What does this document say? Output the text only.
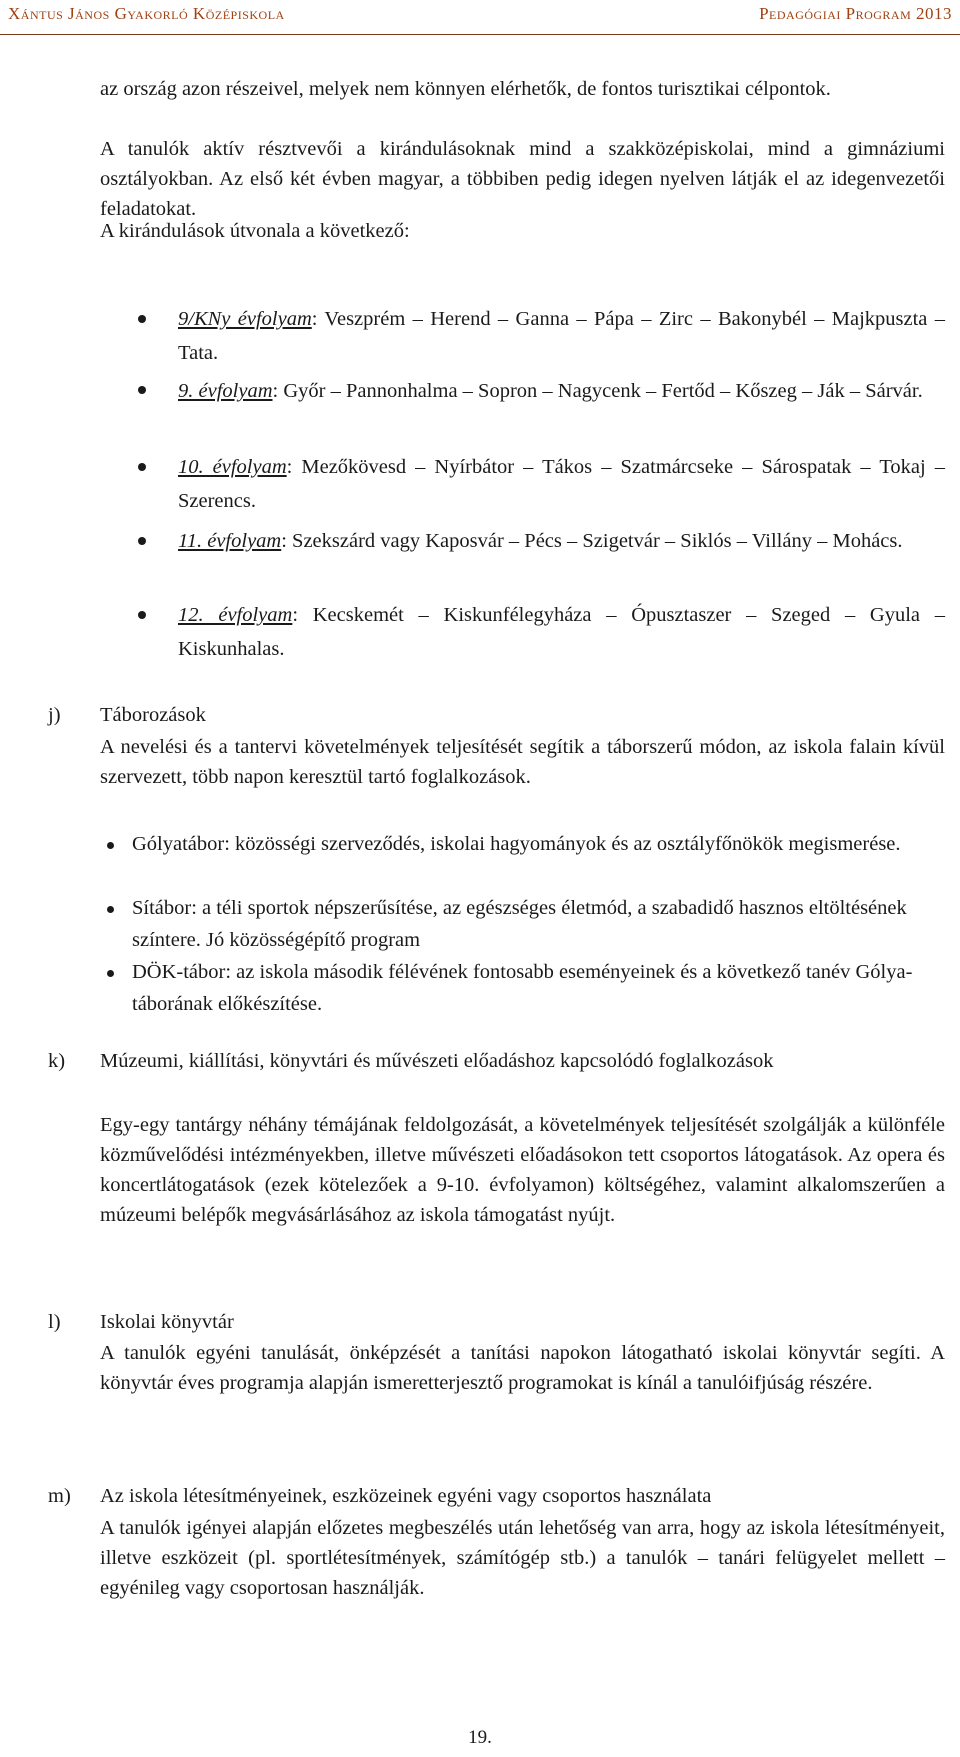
Xántus János Gyakorló Középiskola	Pedagógiai Program 2013
az ország azon részeivel, melyek nem könnyen elérhetők, de fontos turisztikai célpontok.
A tanulók aktív résztvevői a kirándulásoknak mind a szakközépiskolai, mind a gimnáziumi osztályokban. Az első két évben magyar, a többiben pedig idegen nyelven látják el az idegenvezetői feladatokat.
A kirándulások útvonala a következő:
9/KNy évfolyam: Veszprém – Herend – Ganna – Pápa – Zirc – Bakonybél – Majkpuszta – Tata.
9. évfolyam: Győr – Pannonhalma – Sopron – Nagycenk – Fertőd – Kőszeg – Ják – Sárvár.
10. évfolyam: Mezőkövesd – Nyírbátor – Tákos – Szatmárcseke – Sárospatak – Tokaj – Szerencs.
11. évfolyam: Szekszárd vagy Kaposvár – Pécs – Szigetvár – Siklós – Villány – Mohács.
12. évfolyam: Kecskemét – Kiskunfélegyháza – Ópusztaszer – Szeged – Gyula – Kiskunhalas.
j) Táborozások
A nevelési és a tantervi követelmények teljesítését segítik a táborszerű módon, az iskola falain kívül szervezett, több napon keresztül tartó foglalkozások.
Gólyatábor: közösségi szerveződés, iskolai hagyományok és az osztályfőnökök megismerése.
Sítábor: a téli sportok népszerűsítése, az egészséges életmód, a szabadidő hasznos eltöltésének színtere. Jó közösségépítő program
DÖK-tábor: az iskola második félévének fontosabb eseményeinek és a következő tanév Gólya-táborának előkészítése.
k) Múzeumi, kiállítási, könyvtári és művészeti előadáshoz kapcsolódó foglalkozások
Egy-egy tantárgy néhány témájának feldolgozását, a követelmények teljesítését szolgálják a különféle közművelődési intézményekben, illetve művészeti előadásokon tett csoportos látogatások. Az opera és koncertlátogatások (ezek kötelezőek a 9-10. évfolyamon) költségéhez, valamint alkalomszerűen a múzeumi belépők megvásárlásához az iskola támogatást nyújt.
l) Iskolai könyvtár
A tanulók egyéni tanulását, önképzését a tanítási napokon látogatható iskolai könyvtár segíti. A könyvtár éves programja alapján ismeretterjesztő programokat is kínál a tanulóifjúság részére.
m) Az iskola létesítményeinek, eszközeinek egyéni vagy csoportos használata
A tanulók igényei alapján előzetes megbeszélés után lehetőség van arra, hogy az iskola létesítményeit, illetve eszközeit (pl. sportlétesítmények, számítógép stb.) a tanulók – tanári felügyelet mellett – egyénileg vagy csoportosan használják.
19.
